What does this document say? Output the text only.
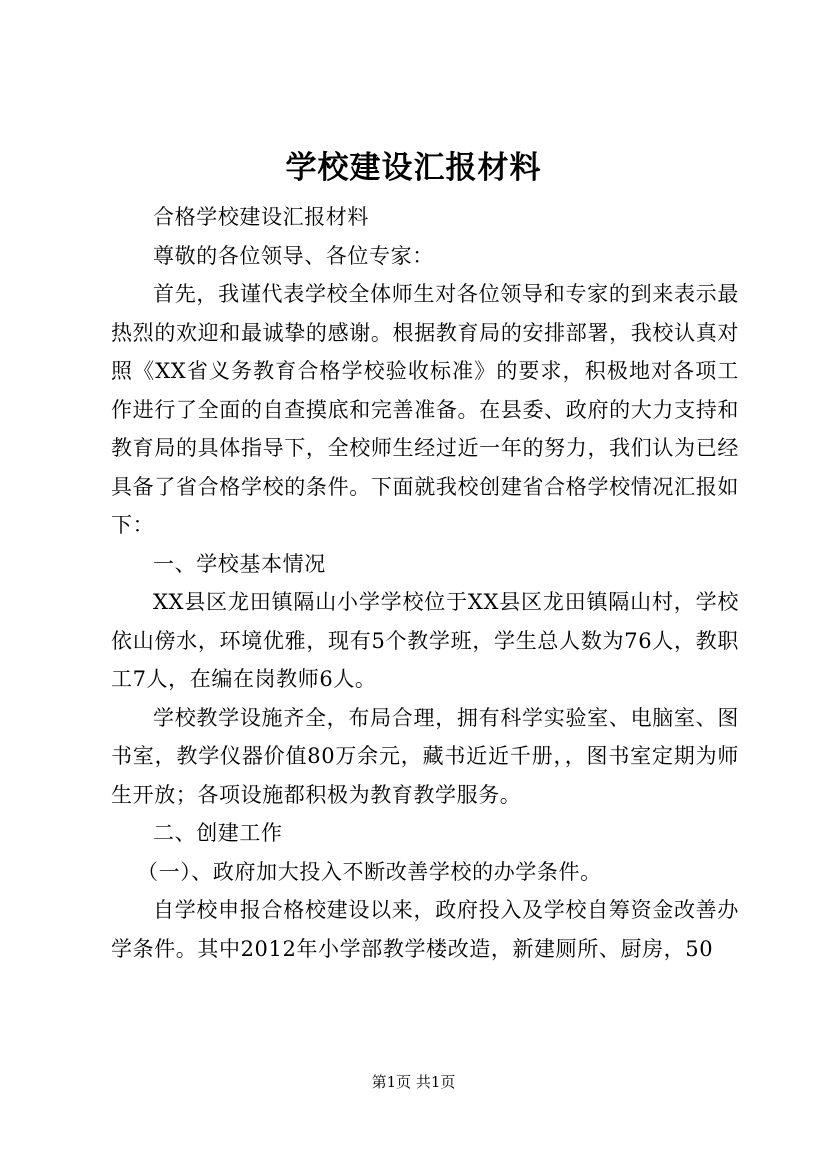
学校建设汇报材料

合格学校建设汇报材料

尊敬的各位领导、各位专家：

首先，我谨代表学校全体师生对各位领导和专家的到来表示最热烈的欢迎和最诚挚的感谢。根据教育局的安排部署，我校认真对照《XX省义务教育合格学校验收标准》的要求，积极地对各项工作进行了全面的自查摸底和完善准备。在县委、政府的大力支持和教育局的具体指导下，全校师生经过近一年的努力，我们认为已经具备了省合格学校的条件。下面就我校创建省合格学校情况汇报如下：

一、学校基本情况

XX县区龙田镇隔山小学学校位于XX县区龙田镇隔山村，学校依山傍水，环境优雅，现有5个教学班，学生总人数为76人，教职工7人，在编在岗教师6人。

学校教学设施齐全，布局合理，拥有科学实验室、电脑室、图书室，教学仪器价值80万余元，藏书近近千册，，图书室定期为师生开放；各项设施都积极为教育教学服务。

二、创建工作

（一）、政府加大投入不断改善学校的办学条件。

自学校申报合格校建设以来，政府投入及学校自筹资金改善办学条件。其中2012年小学部教学楼改造，新建厕所、厨房，50

第1页 共1页
